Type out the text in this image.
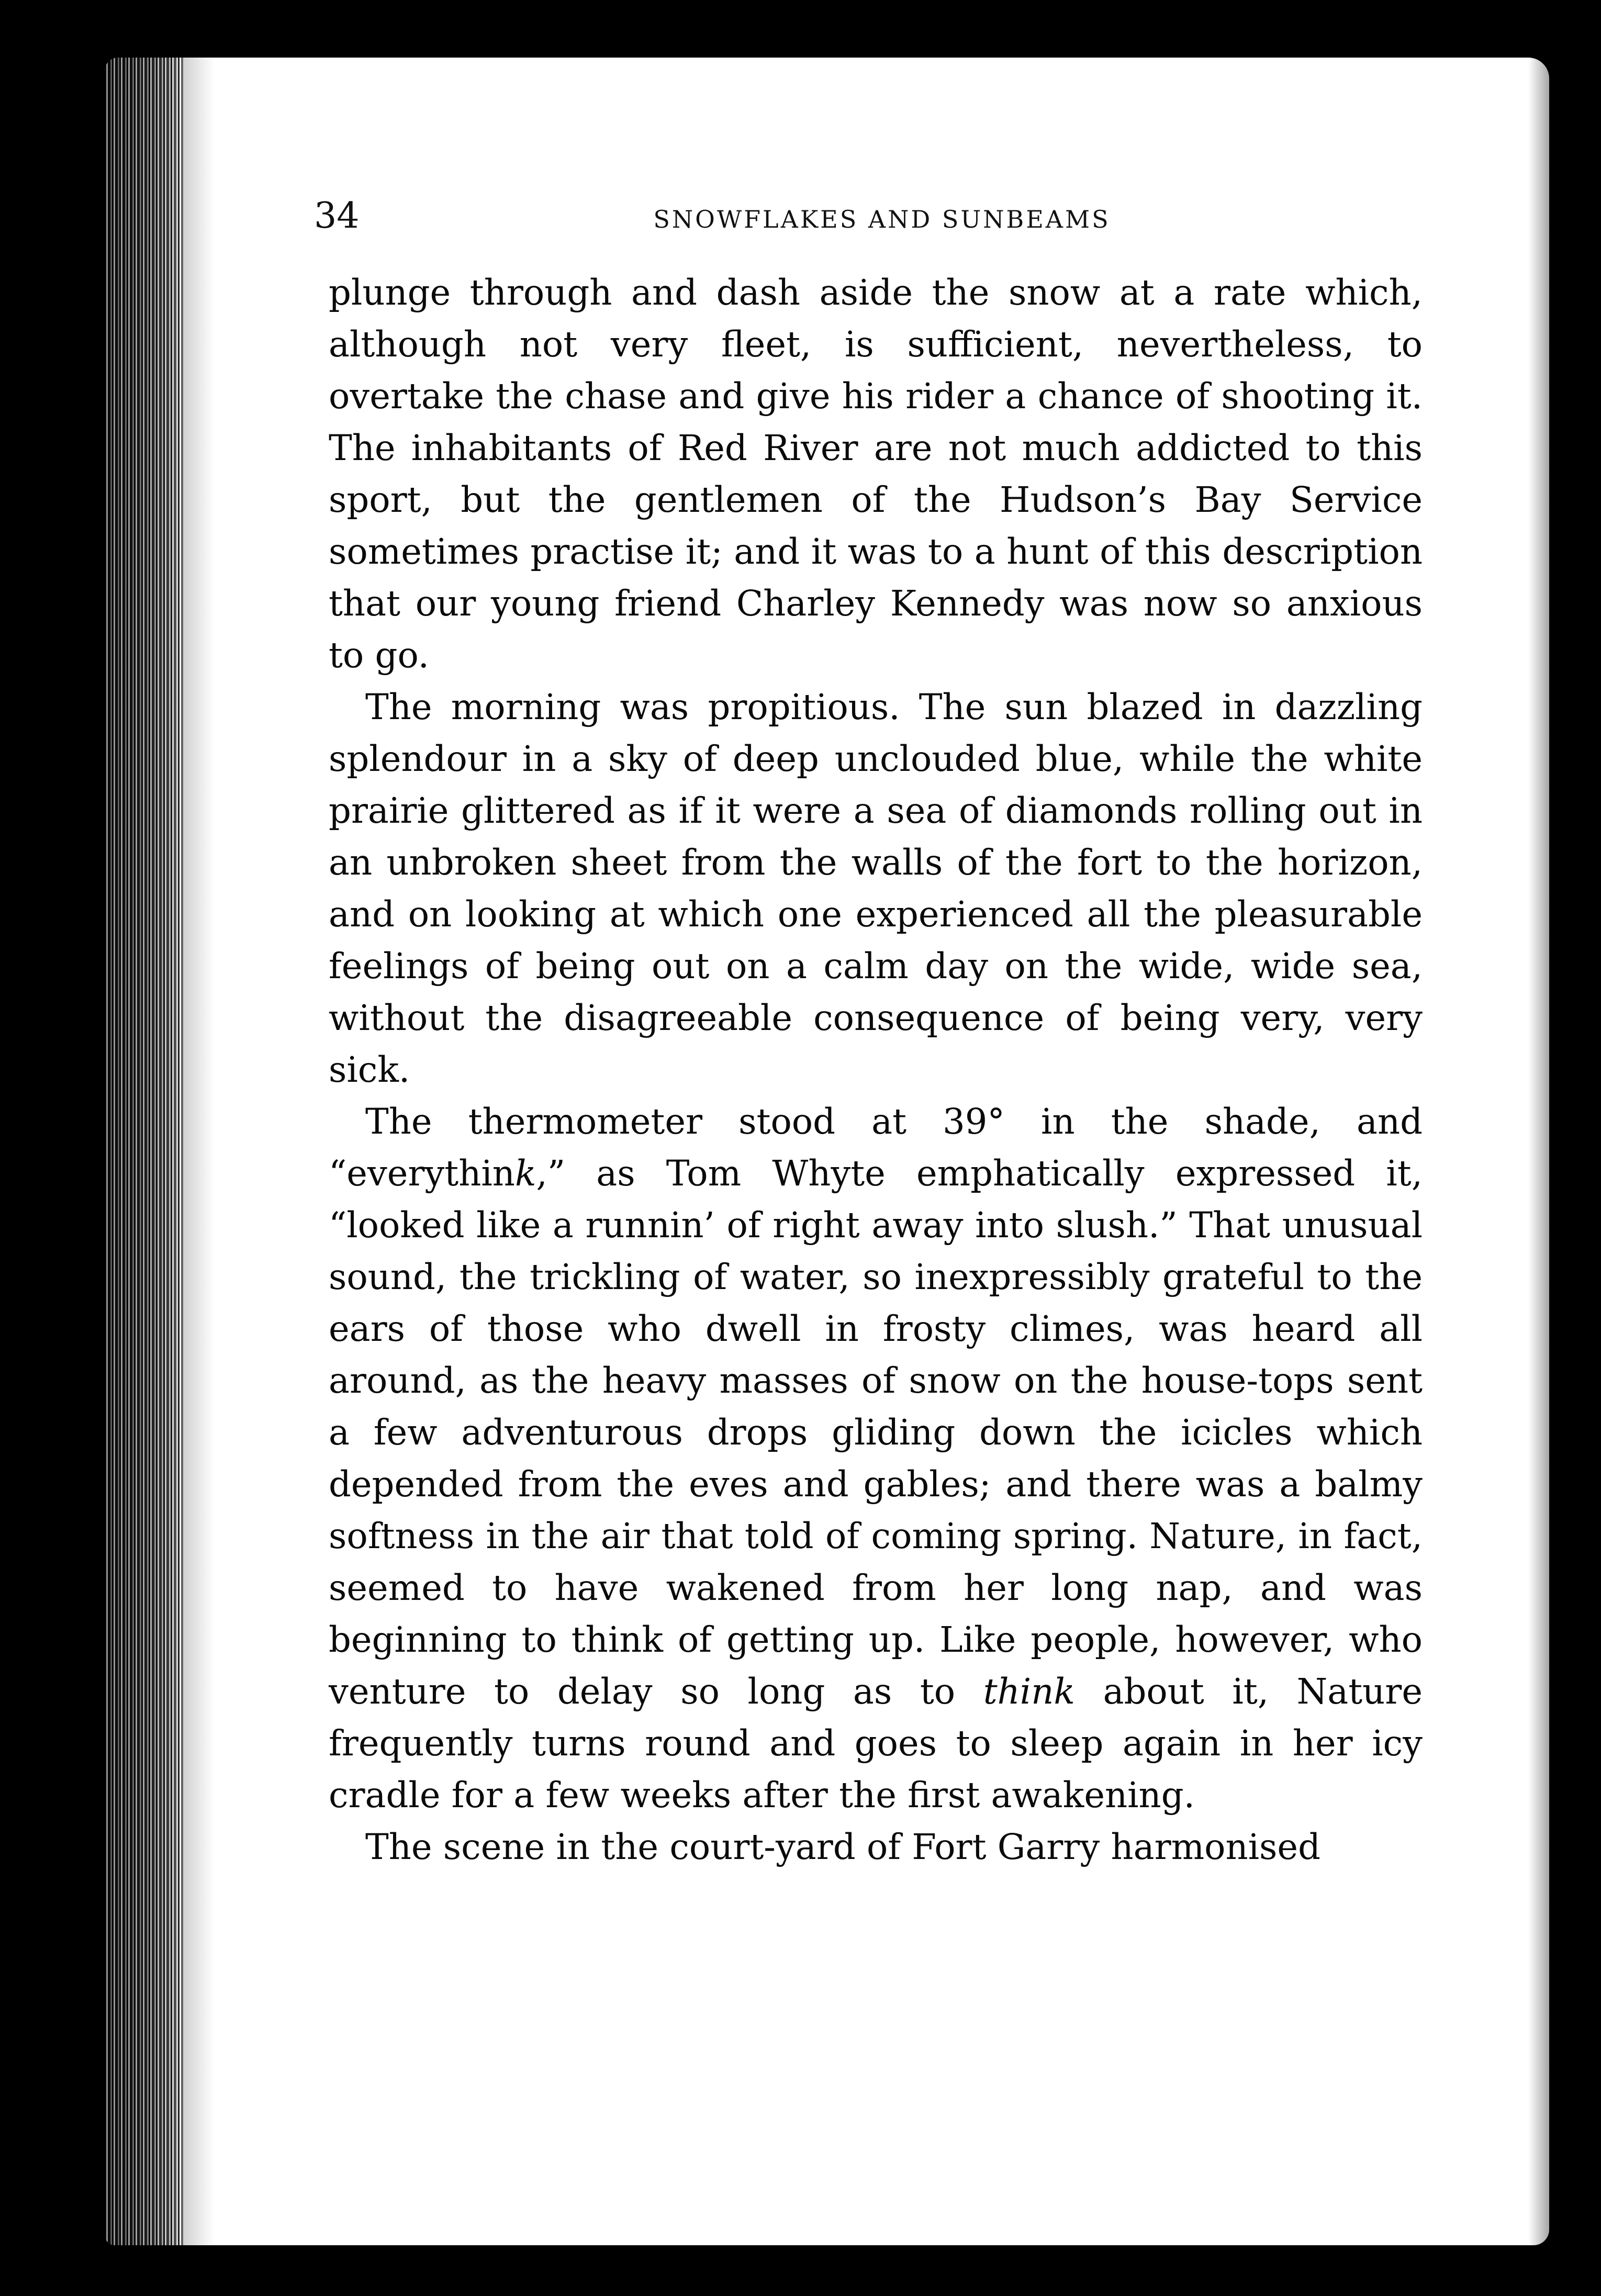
34	SNOWFLAKES AND SUNBEAMS

plunge through and dash aside the snow at a rate which, although not very fleet, is sufficient, nevertheless, to overtake the chase and give his rider a chance of shooting it. The inhabitants of Red River are not much addicted to this sport, but the gentlemen of the Hudson’s Bay Service sometimes practise it; and it was to a hunt of this description that our young friend Charley Kennedy was now so anxious to go.

The morning was propitious. The sun blazed in dazzling splendour in a sky of deep unclouded blue, while the white prairie glittered as if it were a sea of diamonds rolling out in an unbroken sheet from the walls of the fort to the horizon, and on looking at which one experienced all the pleasurable feelings of being out on a calm day on the wide, wide sea, without the disagreeable consequence of being very, very sick.

The thermometer stood at 39° in the shade, and “everythink,” as Tom Whyte emphatically expressed it, “looked like a runnin’ of right away into slush.” That unusual sound, the trickling of water, so inexpressibly grateful to the ears of those who dwell in frosty climes, was heard all around, as the heavy masses of snow on the house-tops sent a few adventurous drops gliding down the icicles which depended from the eves and gables; and there was a balmy softness in the air that told of coming spring. Nature, in fact, seemed to have wakened from her long nap, and was beginning to think of getting up. Like people, however, who venture to delay so long as to think about it, Nature frequently turns round and goes to sleep again in her icy cradle for a few weeks after the first awakening.

The scene in the court-yard of Fort Garry harmonised
